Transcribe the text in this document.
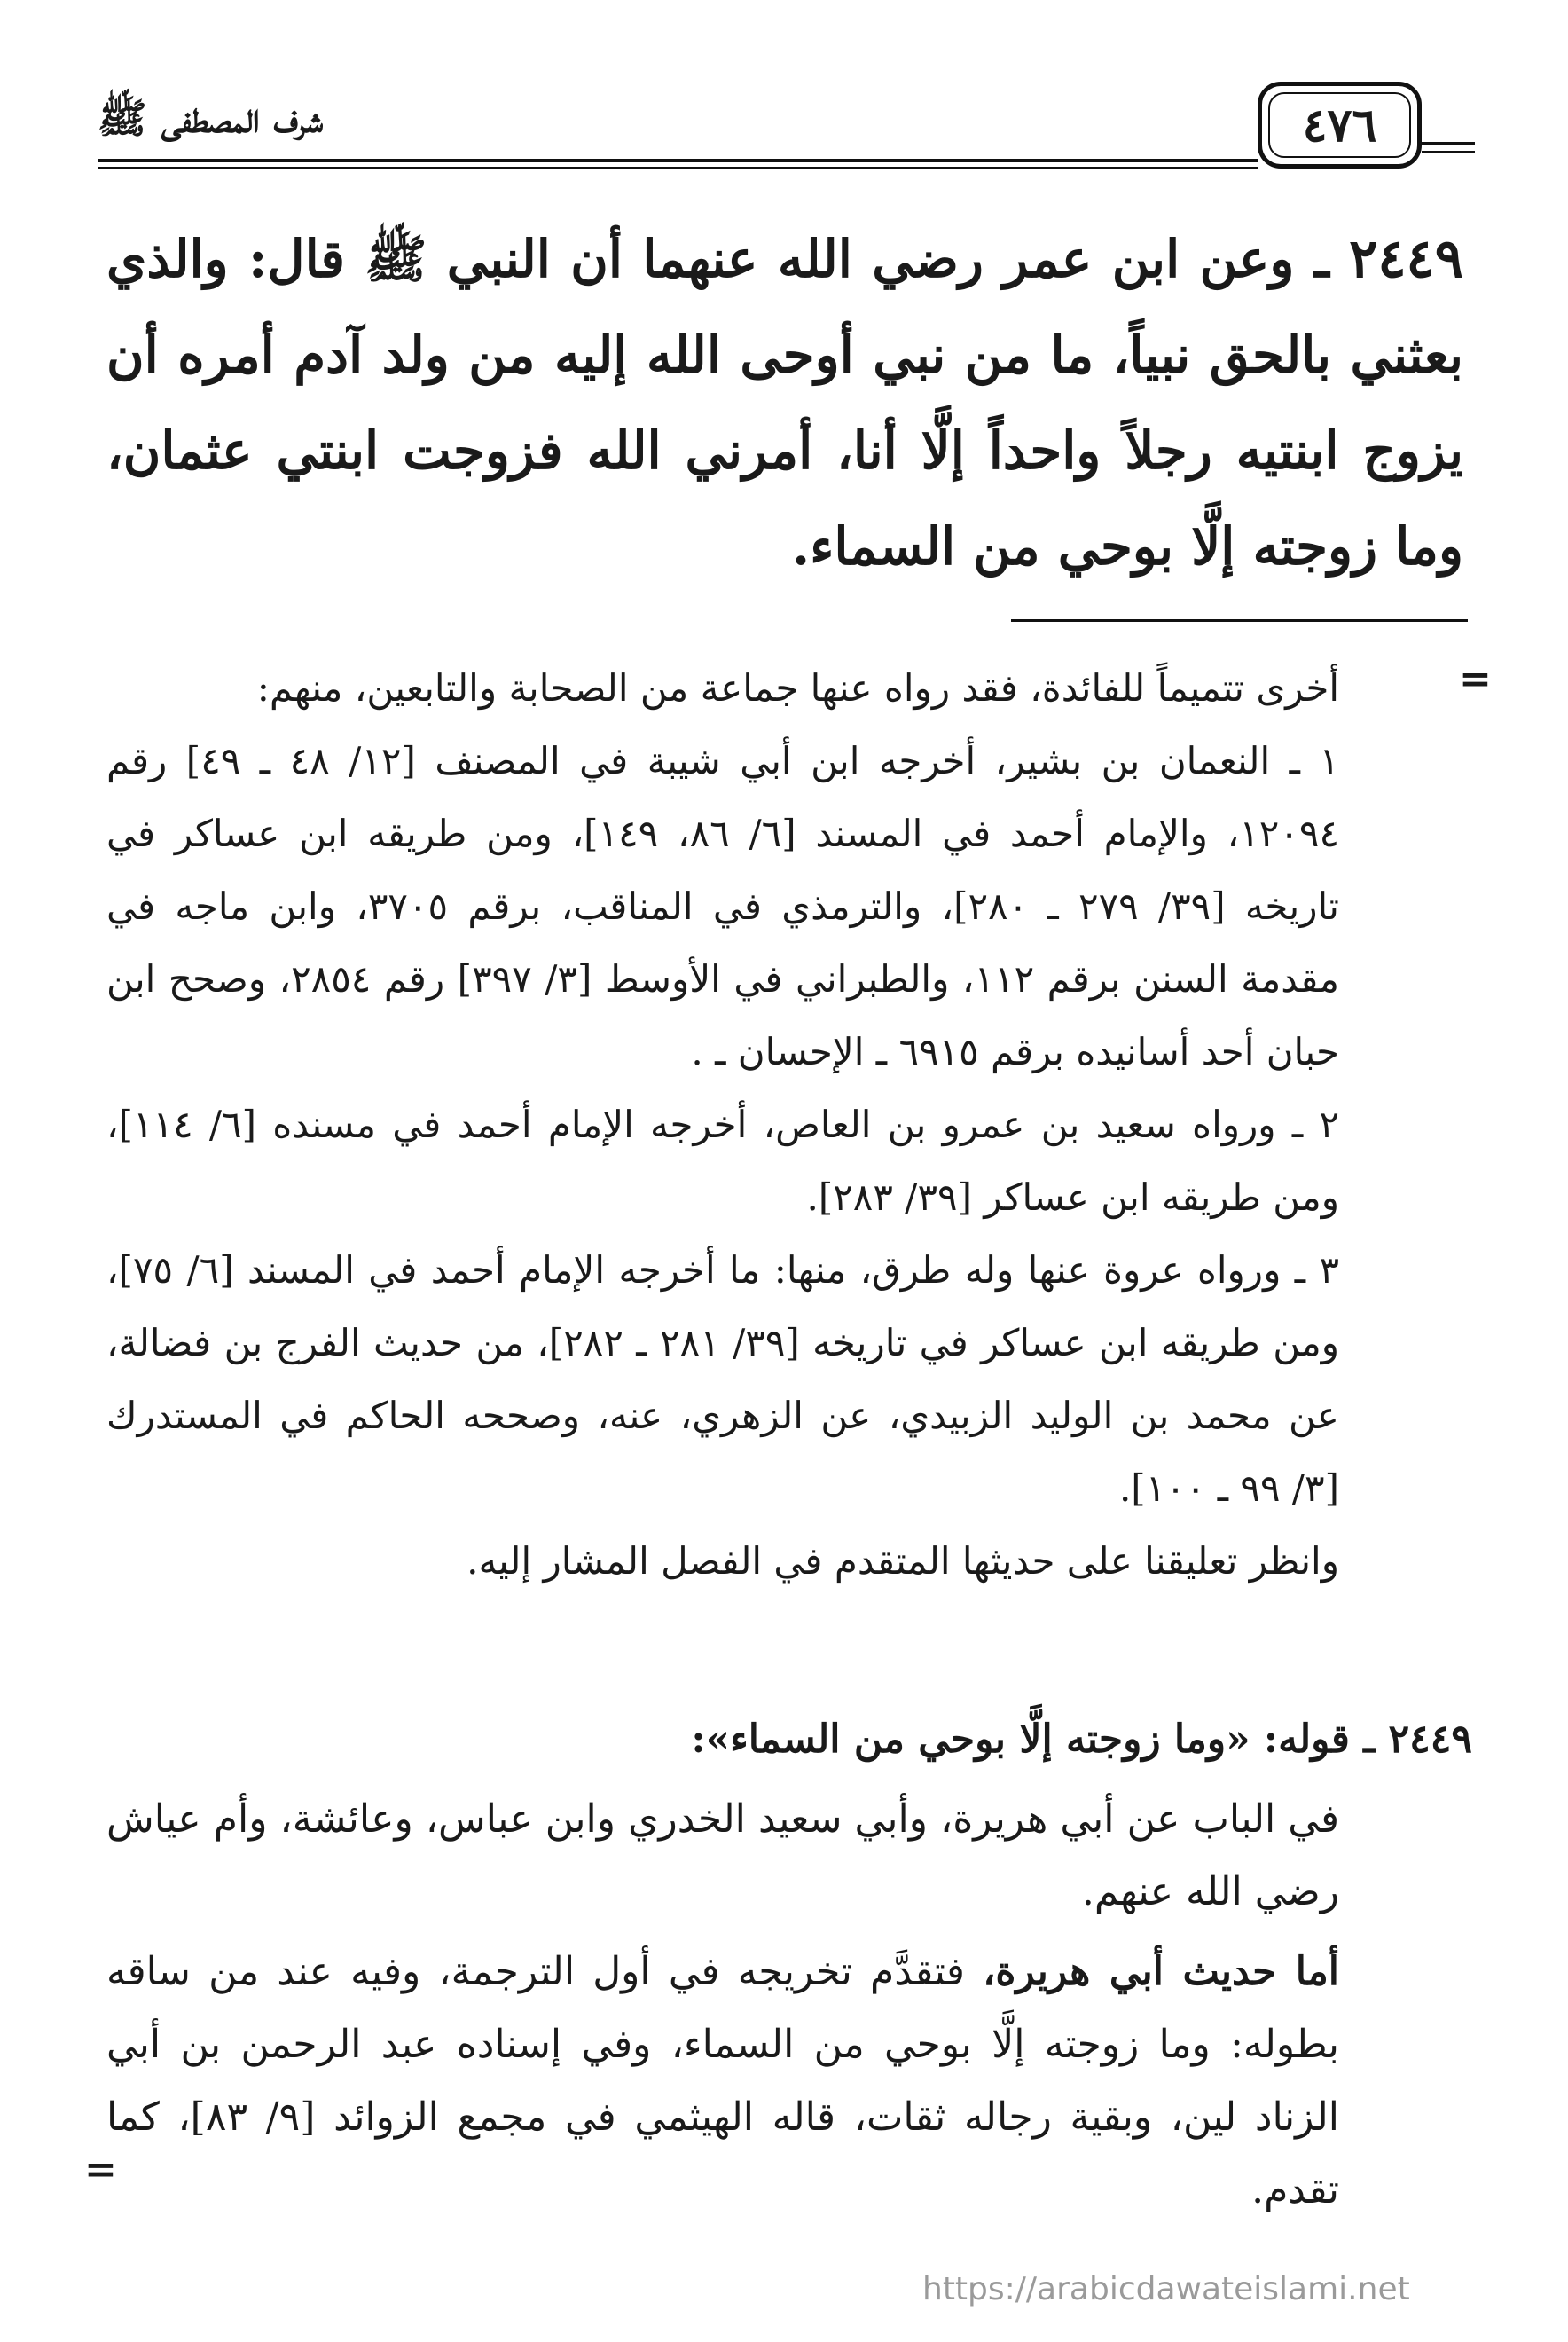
شرف المصطفى ﷺ	٤٧٦
٢٤٤٩ ـ وعن ابن عمر رضي الله عنهما أن النبي ﷺ قال: والذي بعثني بالحق نبياً، ما من نبي أوحى الله إليه من ولد آدم أمره أن يزوج ابنتيه رجلاً واحداً إلَّا أنا، أمرني الله فزوجت ابنتي عثمان، وما زوجته إلَّا بوحي من السماء.
=

أخرى تتميماً للفائدة، فقد رواه عنها جماعة من الصحابة والتابعين، منهم:

١ ـ النعمان بن بشير، أخرجه ابن أبي شيبة في المصنف [١٢/ ٤٨ ـ ٤٩] رقم ١٢٠٩٤، والإمام أحمد في المسند [٦/ ٨٦، ١٤٩]، ومن طريقه ابن عساكر في تاريخه [٣٩/ ٢٧٩ ـ ٢٨٠]، والترمذي في المناقب، برقم ٣٧٠٥، وابن ماجه في مقدمة السنن برقم ١١٢، والطبراني في الأوسط [٣/ ٣٩٧] رقم ٢٨٥٤، وصحح ابن حبان أحد أسانيده برقم ٦٩١٥ ـ الإحسان ـ .

٢ ـ ورواه سعيد بن عمرو بن العاص، أخرجه الإمام أحمد في مسنده [٦/ ١١٤]، ومن طريقه ابن عساكر [٣٩/ ٢٨٣].

٣ ـ ورواه عروة عنها وله طرق، منها: ما أخرجه الإمام أحمد في المسند [٦/ ٧٥]، ومن طريقه ابن عساكر في تاريخه [٣٩/ ٢٨١ ـ ٢٨٢]، من حديث الفرج بن فضالة، عن محمد بن الوليد الزبيدي، عن الزهري، عنه، وصححه الحاكم في المستدرك [٣/ ٩٩ ـ ١٠٠].

وانظر تعليقنا على حديثها المتقدم في الفصل المشار إليه.

٢٤٤٩ ـ قوله: «وما زوجته إلَّا بوحي من السماء»:

في الباب عن أبي هريرة، وأبي سعيد الخدري وابن عباس، وعائشة، وأم عياش رضي الله عنهم.

أما حديث أبي هريرة، فتقدَّم تخريجه في أول الترجمة، وفيه عند من ساقه بطوله: وما زوجته إلَّا بوحي من السماء، وفي إسناده عبد الرحمن بن أبي الزناد لين، وبقية رجاله ثقات، قاله الهيثمي في مجمع الزوائد [٩/ ٨٣]، كما تقدم.

=
https://arabicdawateislami.net
